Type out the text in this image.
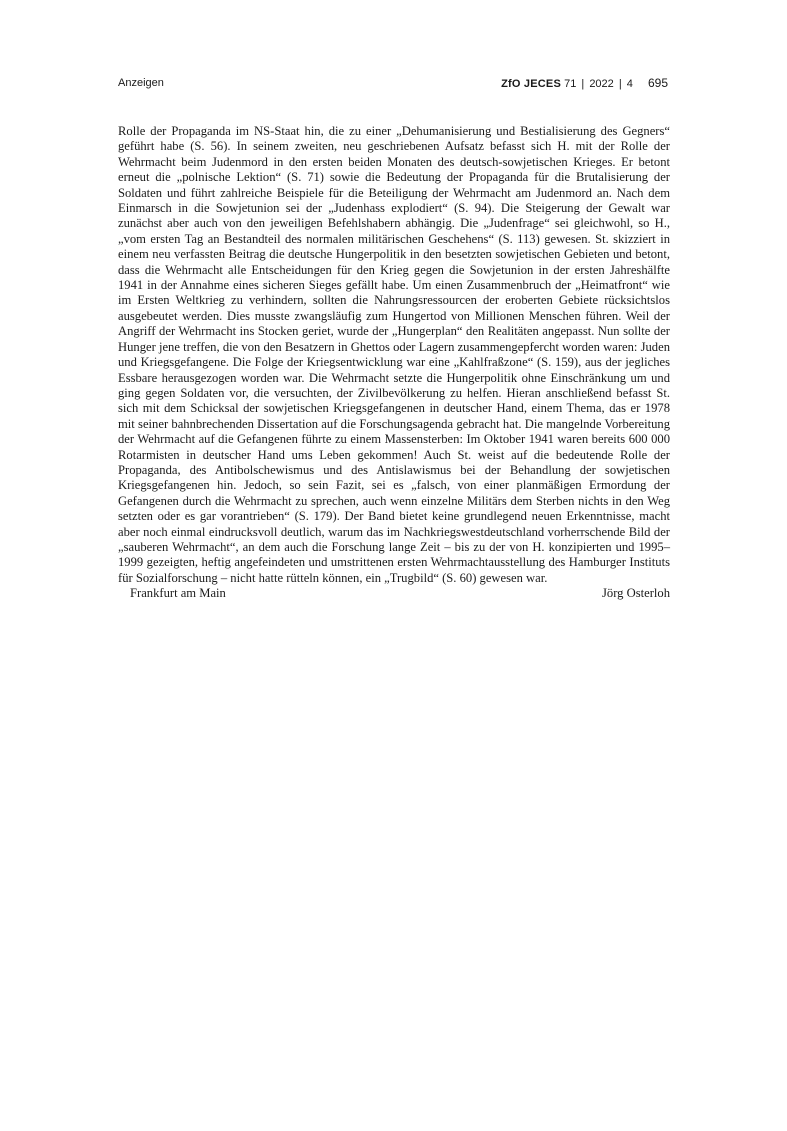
Anzeigen	ZfO JECES 71 | 2022 | 4 695

Rolle der Propaganda im NS-Staat hin, die zu einer „Dehumanisierung und Bestialisierung des Gegners“ geführt habe (S. 56). In seinem zweiten, neu geschriebenen Aufsatz befasst sich H. mit der Rolle der Wehrmacht beim Judenmord in den ersten beiden Monaten des deutsch-sowjetischen Krieges. Er betont erneut die „polnische Lektion“ (S. 71) sowie die Bedeutung der Propaganda für die Brutalisierung der Soldaten und führt zahlreiche Beispiele für die Beteiligung der Wehrmacht am Judenmord an. Nach dem Einmarsch in die Sowjetunion sei der „Judenhass explodiert“ (S. 94). Die Steigerung der Gewalt war zunächst aber auch von den jeweiligen Befehlshabern abhängig. Die „Judenfrage“ sei gleichwohl, so H., „vom ersten Tag an Bestandteil des normalen militärischen Geschehens“ (S. 113) gewesen. St. skizziert in einem neu verfassten Beitrag die deutsche Hungerpolitik in den besetzten sowjetischen Gebieten und betont, dass die Wehrmacht alle Entscheidungen für den Krieg gegen die Sowjetunion in der ersten Jahreshälfte 1941 in der Annahme eines sicheren Sieges gefällt habe. Um einen Zusammenbruch der „Heimatfront“ wie im Ersten Weltkrieg zu verhindern, sollten die Nahrungsressourcen der eroberten Gebiete rücksichtslos ausgebeutet werden. Dies musste zwangsläufig zum Hungertod von Millionen Menschen führen. Weil der Angriff der Wehrmacht ins Stocken geriet, wurde der „Hungerplan“ den Realitäten angepasst. Nun sollte der Hunger jene treffen, die von den Besatzern in Ghettos oder Lagern zusammengepfercht worden waren: Juden und Kriegsgefangene. Die Folge der Kriegsentwicklung war eine „Kahlfraßzone“ (S. 159), aus der jegliches Essbare herausgezogen worden war. Die Wehrmacht setzte die Hungerpolitik ohne Einschränkung um und ging gegen Soldaten vor, die versuchten, der Zivilbevölkerung zu helfen. Hieran anschließend befasst St. sich mit dem Schicksal der sowjetischen Kriegsgefangenen in deutscher Hand, einem Thema, das er 1978 mit seiner bahnbrechenden Dissertation auf die Forschungsagenda gebracht hat. Die mangelnde Vorbereitung der Wehrmacht auf die Gefangenen führte zu einem Massensterben: Im Oktober 1941 waren bereits 600 000 Rotarmisten in deutscher Hand ums Leben gekommen! Auch St. weist auf die bedeutende Rolle der Propaganda, des Antibolschewismus und des Antislawismus bei der Behandlung der sowjetischen Kriegsgefangenen hin. Jedoch, so sein Fazit, sei es „falsch, von einer planmäßigen Ermordung der Gefangenen durch die Wehrmacht zu sprechen, auch wenn einzelne Militärs dem Sterben nichts in den Weg setzten oder es gar vorantrieben“ (S. 179). Der Band bietet keine grundlegend neuen Erkenntnisse, macht aber noch einmal eindrucksvoll deutlich, warum das im Nachkriegswestdeutschland vorherrschende Bild der „sauberen Wehrmacht“, an dem auch die Forschung lange Zeit – bis zu der von H. konzipierten und 1995–1999 gezeigten, heftig angefeindeten und umstrittenen ersten Wehrmachtausstellung des Hamburger Instituts für Sozialforschung – nicht hatte rütteln können, ein „Trugbild“ (S. 60) gewesen war.

Frankfurt am Main	Jörg Osterloh
